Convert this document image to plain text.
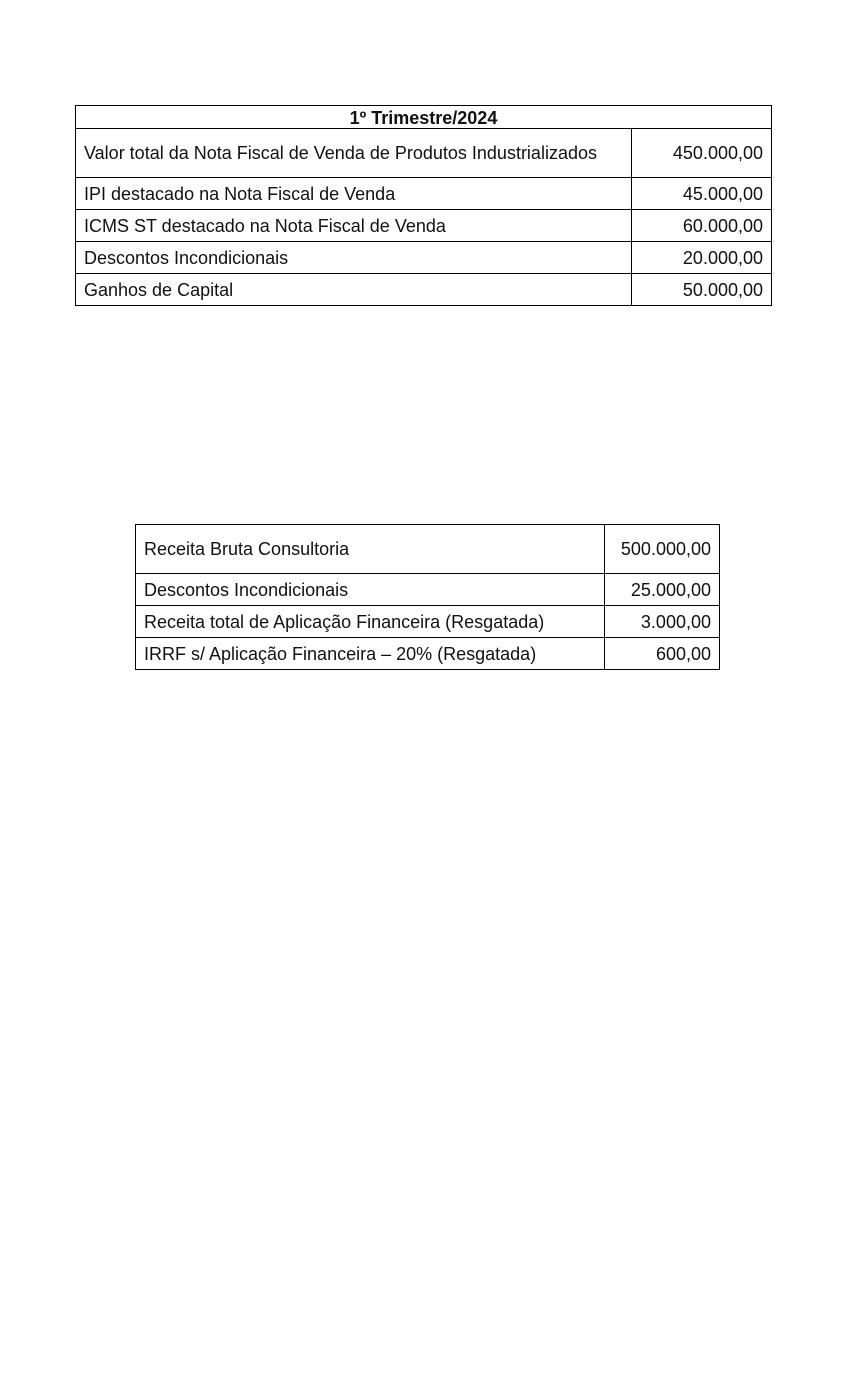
1º Trimestre/2024	
Valor total da Nota Fiscal de Venda de Produtos Industrializados	450.000,00
IPI destacado na Nota Fiscal de Venda	45.000,00
ICMS ST destacado na Nota Fiscal de Venda	60.000,00
Descontos Incondicionais	20.000,00
Ganhos de Capital	50.000,00
Receita Bruta Consultoria	500.000,00
Descontos Incondicionais	25.000,00
Receita total de Aplicação Financeira (Resgatada)	3.000,00
IRRF s/ Aplicação Financeira – 20% (Resgatada)	600,00
